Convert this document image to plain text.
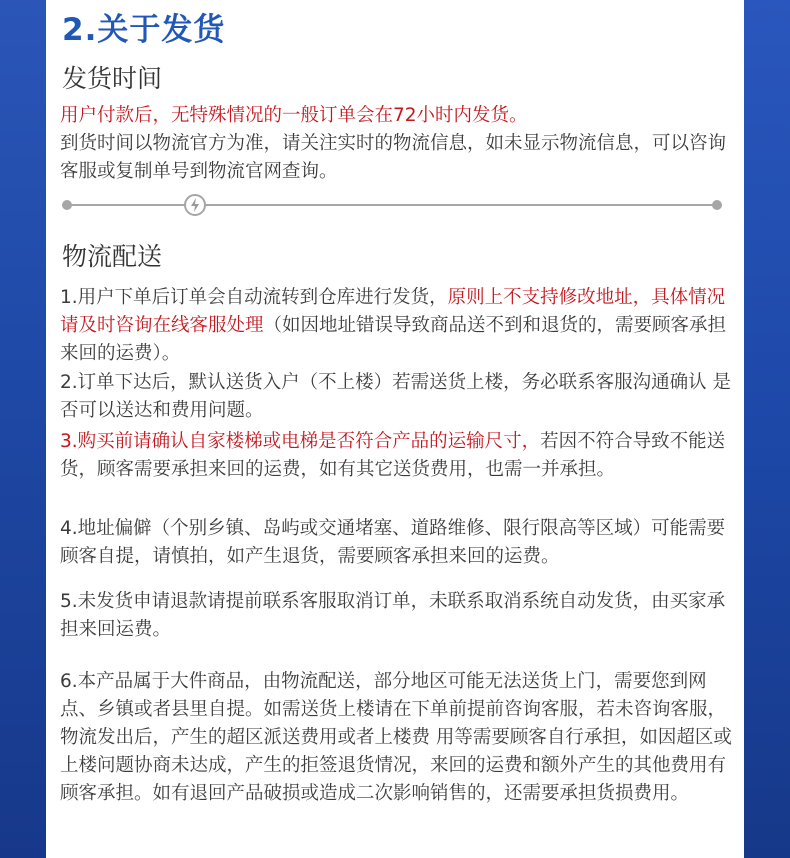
2.关于发货
发货时间

用户付款后，无特殊情况的一般订单会在72小时内发货。
到货时间以物流官方为准，请关注实时的物流信息，如未显示物流信息，可以咨询客服或复制单号到物流官网查询。

物流配送

1.用户下单后订单会自动流转到仓库进行发货，原则上不支持修改地址，具体情况请及时咨询在线客服处理（如因地址错误导致商品送不到和退货的，需要顾客承担来回的运费）。

2.订单下达后，默认送货入户（不上楼）若需送货上楼，务必联系客服沟通确认 是否可以送达和费用问题。

3.购买前请确认自家楼梯或电梯是否符合产品的运输尺寸，若因不符合导致不能送货，顾客需要承担来回的运费，如有其它送货费用，也需一并承担。

4.地址偏僻（个别乡镇、岛屿或交通堵塞、道路维修、限行限高等区域）可能需要顾客自提，请慎拍，如产生退货，需要顾客承担来回的运费。

5.未发货申请退款请提前联系客服取消订单，未联系取消系统自动发货，由买家承担来回运费。

6.本产品属于大件商品，由物流配送，部分地区可能无法送货上门，需要您到网点、乡镇或者县里自提。如需送货上楼请在下单前提前咨询客服，若未咨询客服，物流发出后，产生的超区派送费用或者上楼费 用等需要顾客自行承担，如因超区或上楼问题协商未达成，产生的拒签退货情况，来回的运费和额外产生的其他费用有顾客承担。如有退回产品破损或造成二次影响销售的，还需要承担货损费用。
